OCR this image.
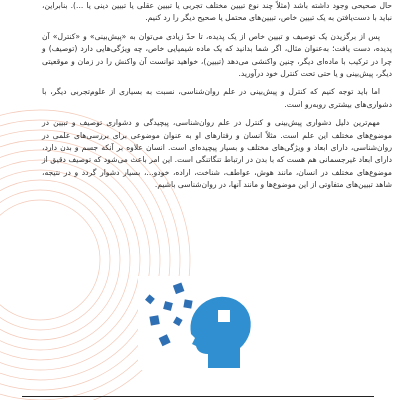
حال صحیحی وجود داشته باشد (مثلاً چند نوع تبیین مختلف تجربی یا تبیین عقلی یا تبیین دینی یا ...). بنابراین، نباید با دست‌یافتن به یک تبیین خاص، تبیین‌های محتمل یا صحیح دیگر را رد کنیم.

پس از برگزیدن یک توصیف و تبیین خاص از یک پدیده، تا حدّ زیادی می‌توان به «پیش‌بینی» و «کنترل» آن پدیده، دست یافت؛ به‌عنوان مثال، اگر شما بدانید که یک ماده شیمیایی خاص، چه ویژگی‌هایی دارد (توصیف) و چرا در ترکیب با ماده‌ای دیگر، چنین واکنشی می‌دهد (تبیین)، خواهید توانست آن واکنش را در زمان و موقعیتی دیگر، پیش‌بینی و یا حتی تحت کنترل خود درآورید.

اما باید توجه کنیم که کنترل و پیش‌بینی در علم روان‌شناسی، نسبت به بسیاری از علوم‌تجربی دیگر، با دشواری‌های بیشتری روبه‌رو است.

مهم‌ترین دلیل دشواری پیش‌بینی و کنترل در علم روان‌شناسی، پیچیدگی و دشواری توصیف و تبیین در موضوع‌های مختلف این علم است. مثلاً انسان و رفتارهای او به عنوان موضوعی برای بررسی‌های علمی در روان‌شناسی، دارای ابعاد و ویژگی‌های مختلف و بسیار پیچیده‌ای است. انسان علاوه بر آنکه جسم و بدن دارد، دارای ابعاد غیرجسمانی هم هست که با بدن در ارتباط تنگاتنگی است. این امر باعث می‌شود که توصیف دقیق از موضوع‌های مختلف در انسان، مانند هوش، عواطف، شناخت، اراده، خودو...، بسیار دشوار گردد و در نتیجه، شاهد تبیین‌های متفاوتی از این موضوع‌ها و مانند آنها، در روان‌شناسی باشیم.
